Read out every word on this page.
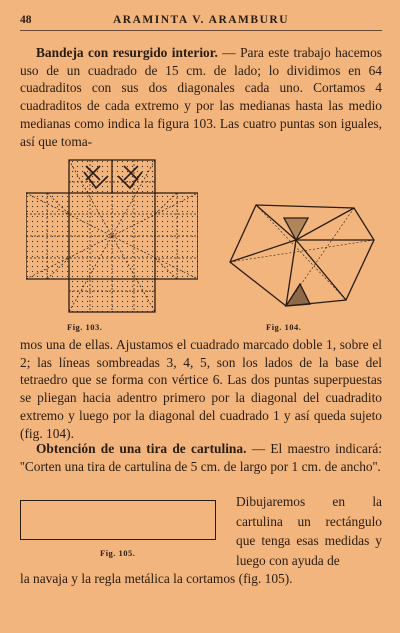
48	ARAMINTA V. ARAMBURU

Bandeja con resurgido interior. — Para este trabajo hacemos uso de un cuadrado de 15 cm. de lado; lo dividimos en 64 cuadraditos con sus dos diagonales cada uno. Cortamos 4 cuadraditos de cada extremo y por las medianas hasta las medio medianas como indica la figura 103. Las cuatro puntas son iguales, así que toma-

Fig. 103.	Fig. 104.

mos una de ellas. Ajustamos el cuadrado marcado doble 1, sobre el 2; las líneas sombreadas 3, 4, 5, son los lados de la base del tetraedro que se forma con vértice 6. Las dos puntas superpuestas se pliegan hacia adentro primero por la diagonal del cuadradito extremo y luego por la diagonal del cuadrado 1 y así queda sujeto (fig. 104).

Obtención de una tira de cartulina. — El maestro indicará: ''Corten una tira de cartulina de 5 cm. de largo por 1 cm. de ancho''.

Fig. 105.

Dibujaremos en la cartulina un rectángulo que tenga esas medidas y luego con ayuda de

la navaja y la regla metálica la cortamos (fig. 105).
